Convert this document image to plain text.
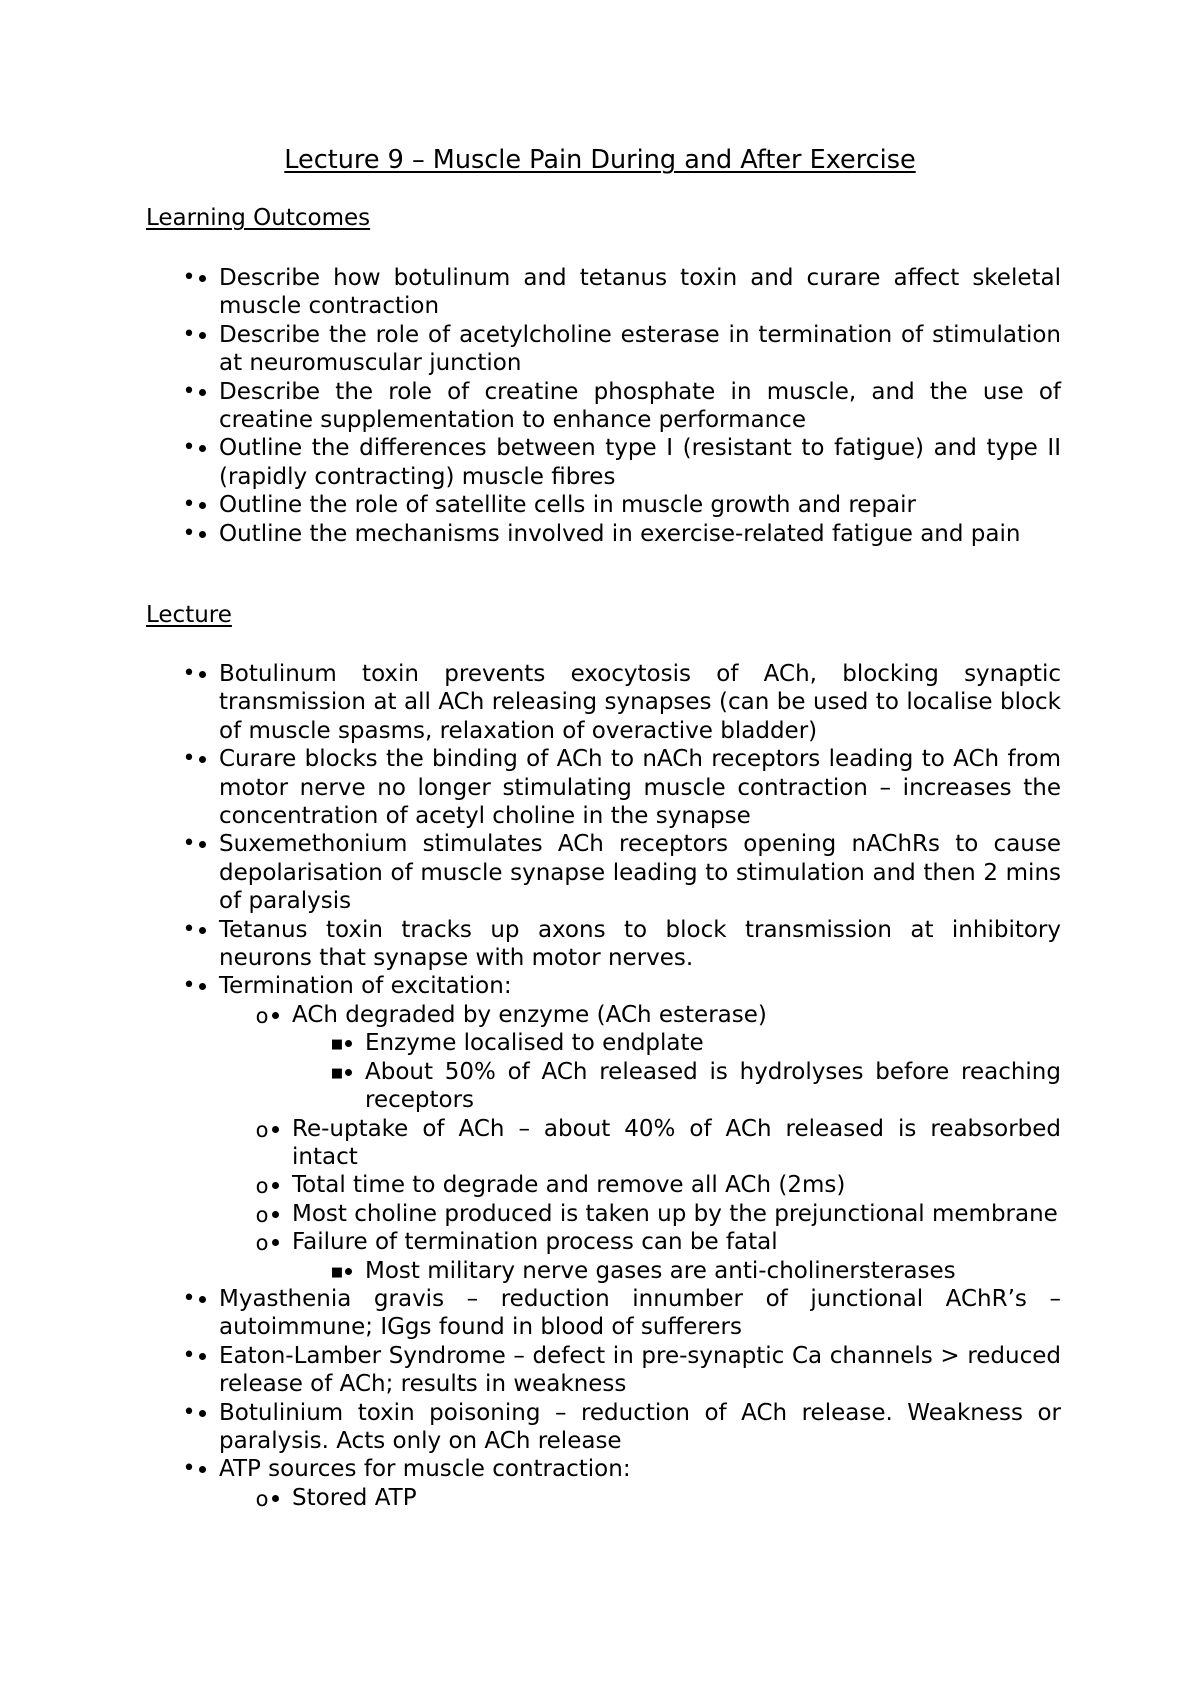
Lecture 9 – Muscle Pain During and After Exercise
Learning Outcomes
• • Describe how botulinum and tetanus toxin and curare affect skeletal muscle contraction
• • Describe the role of acetylcholine esterase in termination of stimulation at neuromuscular junction
• • Describe the role of creatine phosphate in muscle, and the use of creatine supplementation to enhance performance
• • Outline the differences between type I (resistant to fatigue) and type II (rapidly contracting) muscle fibres
• • Outline the role of satellite cells in muscle growth and repair
• • Outline the mechanisms involved in exercise-related fatigue and pain
Lecture
• • Botulinum toxin prevents exocytosis of ACh, blocking synaptic transmission at all ACh releasing synapses (can be used to localise block of muscle spasms, relaxation of overactive bladder)
• • Curare blocks the binding of ACh to nACh receptors leading to ACh from motor nerve no longer stimulating muscle contraction – increases the concentration of acetyl choline in the synapse
• • Suxemethonium stimulates ACh receptors opening nAChRs to cause depolarisation of muscle synapse leading to stimulation and then 2 mins of paralysis
• • Tetanus toxin tracks up axons to block transmission at inhibitory neurons that synapse with motor nerves.
• • Termination of excitation:
• o ACh degraded by enzyme (ACh esterase)
• ■ Enzyme localised to endplate
• ■ About 50% of ACh released is hydrolyses before reaching receptors
• o Re-uptake of ACh – about 40% of ACh released is reabsorbed intact
• o Total time to degrade and remove all ACh (2ms)
• o Most choline produced is taken up by the prejunctional membrane
• o Failure of termination process can be fatal
• ■ Most military nerve gases are anti-cholinersterases
• • Myasthenia gravis – reduction innumber of junctional AChR’s – autoimmune; IGgs found in blood of sufferers
• • Eaton-Lamber Syndrome – defect in pre-synaptic Ca channels > reduced release of ACh; results in weakness
• • Botulinium toxin poisoning – reduction of ACh release. Weakness or paralysis. Acts only on ACh release
• • ATP sources for muscle contraction:
• o Stored ATP
